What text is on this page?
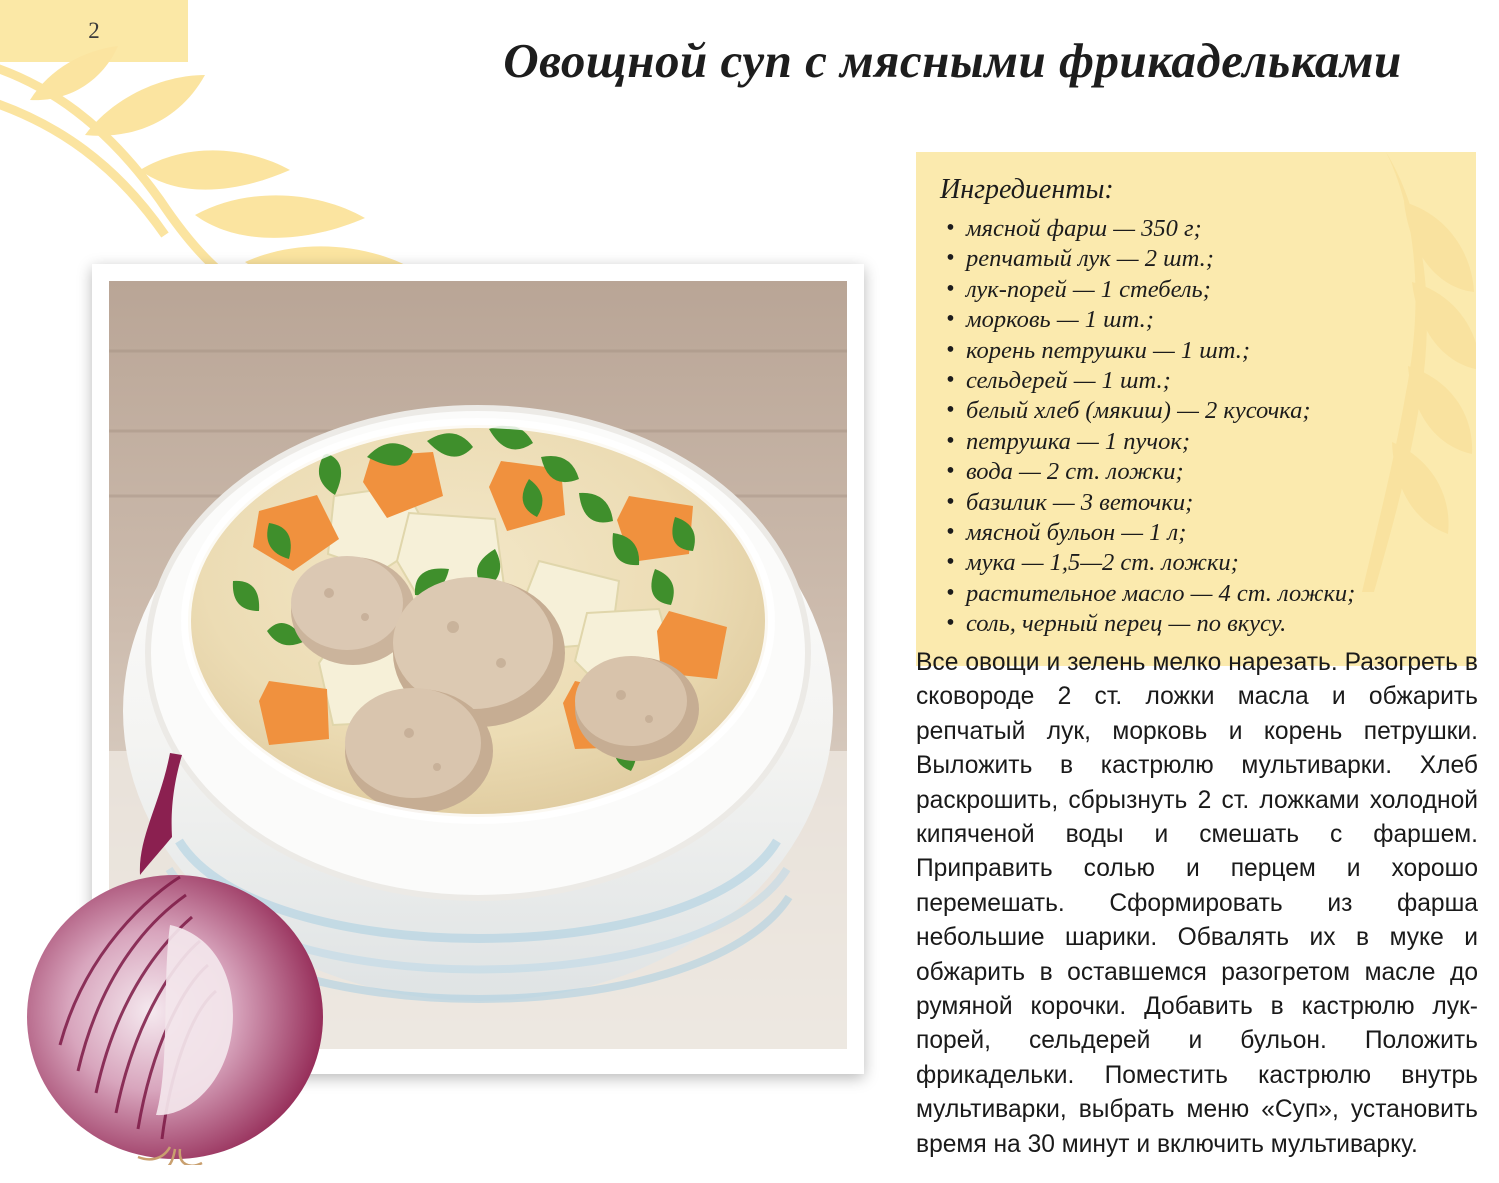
2
Овощной суп с мясными фрикадельками
Ингредиенты:
• мясной фарш — 350 г;
• репчатый лук — 2 шт.;
• лук-порей — 1 стебель;
• морковь — 1 шт.;
• корень петрушки — 1 шт.;
• сельдерей — 1 шт.;
• белый хлеб (мякиш) — 2 кусочка;
• петрушка — 1 пучок;
• вода — 2 ст. ложки;
• базилик — 3 веточки;
• мясной бульон — 1 л;
• мука — 1,5—2 ст. ложки;
• растительное масло — 4 ст. ложки;
• соль, черный перец — по вкусу.
Все овощи и зелень мелко нарезать. Разогреть в сковороде 2 ст. ложки масла и обжарить репчатый лук, морковь и корень петрушки. Выложить в кастрюлю мультиварки. Хлеб раскрошить, сбрызнуть 2 ст. ложками холодной кипяченой воды и смешать с фаршем. Приправить солью и перцем и хорошо перемешать. Сформировать из фарша небольшие шарики. Обвалять их в муке и обжарить в оставшемся разогретом масле до румяной корочки. Добавить в кастрюлю лук-порей, сельдерей и бульон. Положить фрикадельки. Поместить кастрюлю внутрь мультиварки, выбрать меню «Суп», установить время на 30 минут и включить мультиварку.
